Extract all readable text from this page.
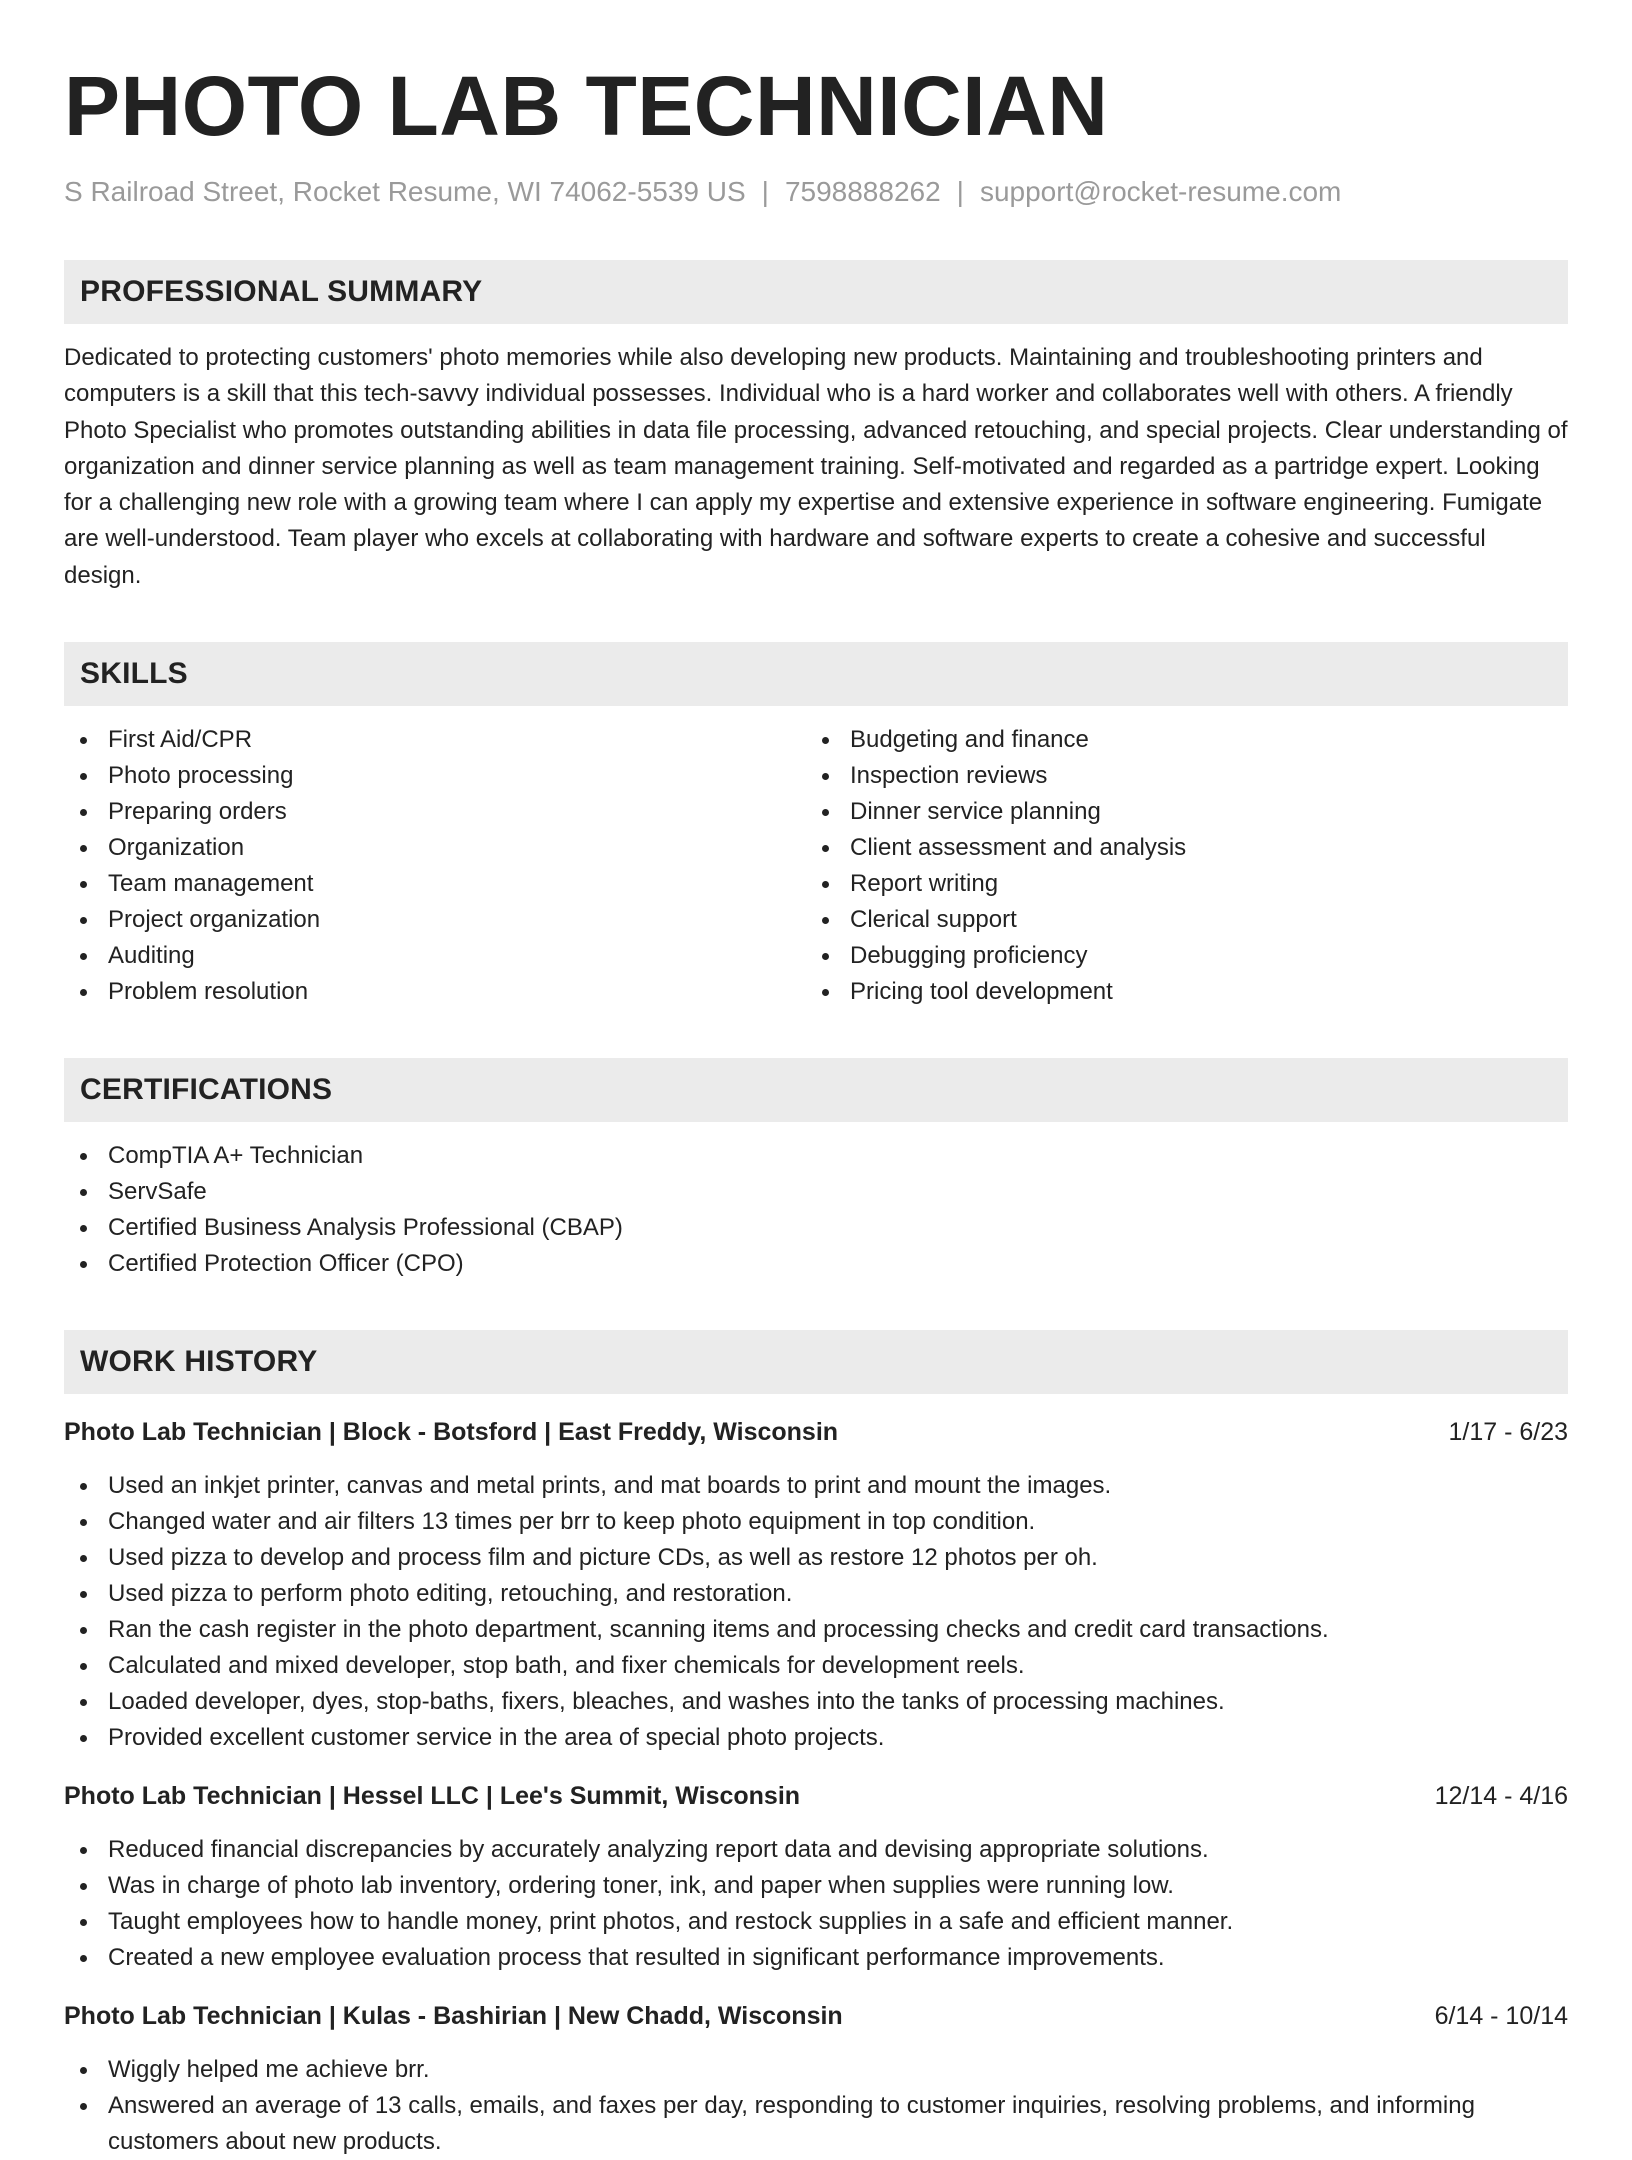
PHOTO LAB TECHNICIAN
S Railroad Street, Rocket Resume, WI 74062-5539 US | 7598888262 | support@rocket-resume.com
PROFESSIONAL SUMMARY

Dedicated to protecting customers' photo memories while also developing new products. Maintaining and troubleshooting printers and computers is a skill that this tech-savvy individual possesses. Individual who is a hard worker and collaborates well with others. A friendly Photo Specialist who promotes outstanding abilities in data file processing, advanced retouching, and special projects. Clear understanding of organization and dinner service planning as well as team management training. Self-motivated and regarded as a partridge expert. Looking for a challenging new role with a growing team where I can apply my expertise and extensive experience in software engineering. Fumigate are well-understood. Team player who excels at collaborating with hardware and software experts to create a cohesive and successful design.

SKILLS
First Aid/CPR
Photo processing
Preparing orders
Organization
Team management
Project organization
Auditing
Problem resolution
Budgeting and finance
Inspection reviews
Dinner service planning
Client assessment and analysis
Report writing
Clerical support
Debugging proficiency
Pricing tool development
CERTIFICATIONS
CompTIA A+ Technician
ServSafe
Certified Business Analysis Professional (CBAP)
Certified Protection Officer (CPO)
WORK HISTORY
Photo Lab Technician | Block - Botsford | East Freddy, Wisconsin	1/17 - 6/23
Used an inkjet printer, canvas and metal prints, and mat boards to print and mount the images.
Changed water and air filters 13 times per brr to keep photo equipment in top condition.
Used pizza to develop and process film and picture CDs, as well as restore 12 photos per oh.
Used pizza to perform photo editing, retouching, and restoration.
Ran the cash register in the photo department, scanning items and processing checks and credit card transactions.
Calculated and mixed developer, stop bath, and fixer chemicals for development reels.
Loaded developer, dyes, stop-baths, fixers, bleaches, and washes into the tanks of processing machines.
Provided excellent customer service in the area of special photo projects.
Photo Lab Technician | Hessel LLC | Lee's Summit, Wisconsin	12/14 - 4/16
Reduced financial discrepancies by accurately analyzing report data and devising appropriate solutions.
Was in charge of photo lab inventory, ordering toner, ink, and paper when supplies were running low.
Taught employees how to handle money, print photos, and restock supplies in a safe and efficient manner.
Created a new employee evaluation process that resulted in significant performance improvements.
Photo Lab Technician | Kulas - Bashirian | New Chadd, Wisconsin	6/14 - 10/14
Wiggly helped me achieve brr.
Answered an average of 13 calls, emails, and faxes per day, responding to customer inquiries, resolving problems, and informing customers about new products.
